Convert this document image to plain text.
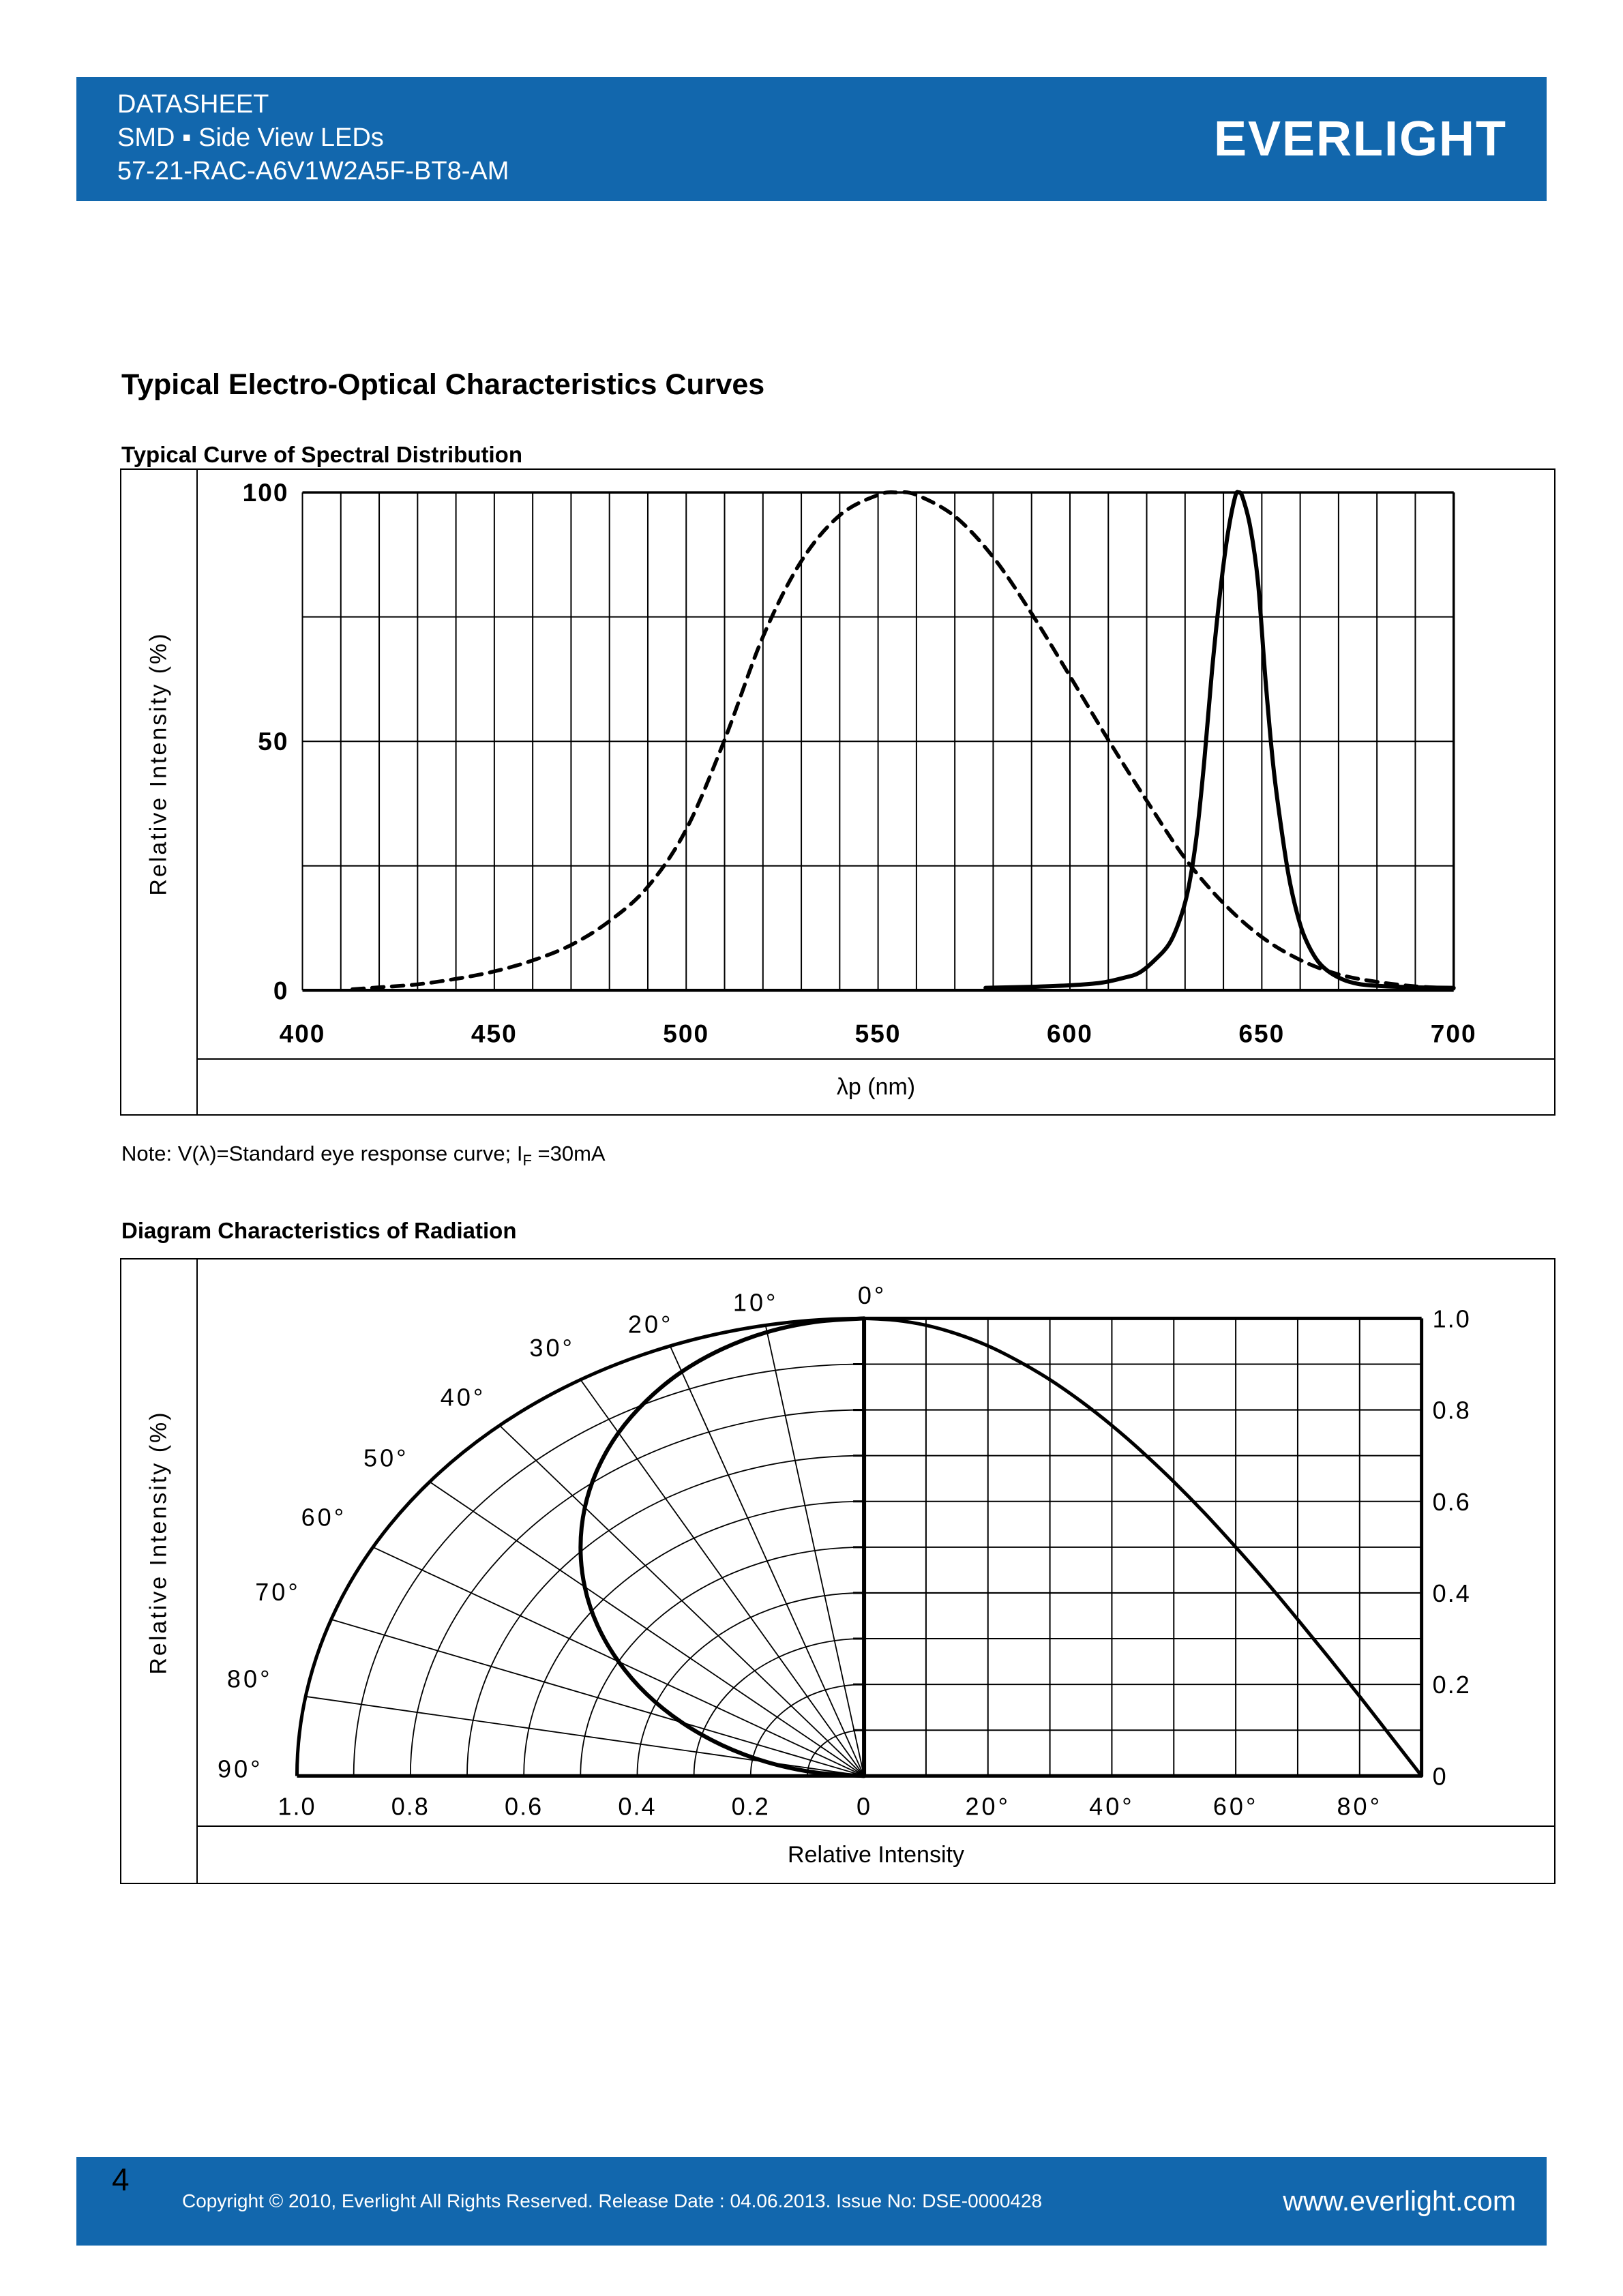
DATASHEET
SMD ▪ Side View LEDs
57-21-RAC-A6V1W2A5F-BT8-AM
EVERLIGHT
Typical Electro-Optical Characteristics Curves
Typical Curve of Spectral Distribution
Relative Intensity (%)
100
50
0
400	450	500	550	600	650	700
λp (nm)
Note: V(λ)=Standard eye response curve; $I_F =30mA$
Diagram Characteristics of Radiation
Relative Intensity (%)
0°
10°
20°
30°
40°
50°
60°
70°
80°
90°
1.0	0.8	0.6	0.4	0.2	0	20°	40°	60°	80°
1.0
0.8
0.6
0.4
0.2
0
Relative Intensity
4
Copyright © 2010, Everlight All Rights Reserved. Release Date : 04.06.2013. Issue No: DSE-0000428	www.everlight.com
